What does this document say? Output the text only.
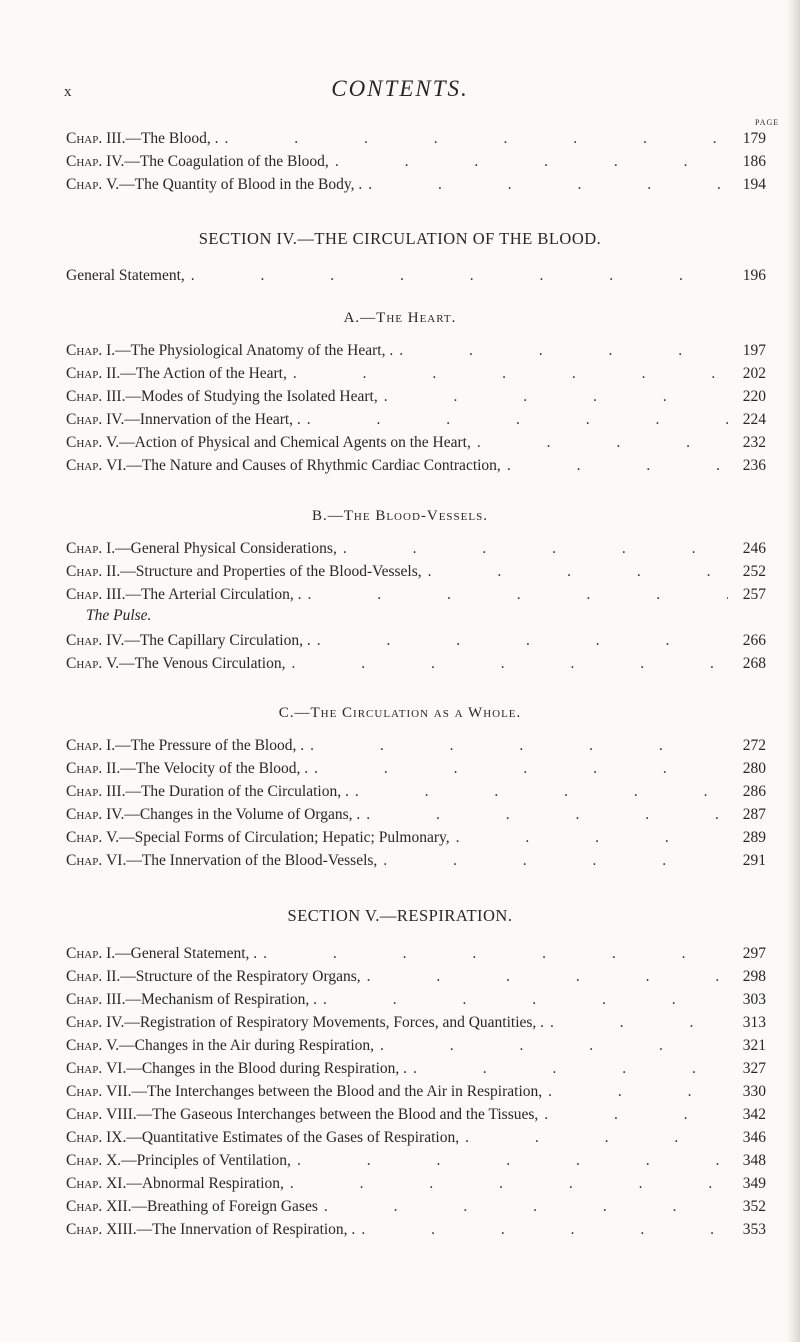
x	CONTENTS.
PAGE
Chap.
III.—The Blood, . .	179
Chap.
IV.—The Coagulation of the Blood, .	186
Chap.
V.—The Quantity of Blood in the Body, . .	194
SECTION IV.—THE CIRCULATION OF THE BLOOD.
General Statement, .	196
A.—The Heart.
Chap.
I.—The Physiological Anatomy of the Heart, . .	197
Chap.
II.—The Action of the Heart, .	202
Chap.
III.—Modes of Studying the Isolated Heart, .	220
Chap.
IV.—Innervation of the Heart, . .	224
Chap.
V.—Action of Physical and Chemical Agents on the Heart, .	232
Chap.
VI.—The Nature and Causes of Rhythmic Cardiac Contraction, .	236
B.—The Blood-Vessels.
Chap.
I.—General Physical Considerations, .	246
Chap.
II.—Structure and Properties of the Blood-Vessels, .	252
Chap.
III.—The Arterial Circulation, . .	257
The Pulse.
Chap.
IV.—The Capillary Circulation, . .	266
Chap.
V.—The Venous Circulation, .	268
C.—The Circulation as a Whole.
Chap.
I.—The Pressure of the Blood, . .	272
Chap.
II.—The Velocity of the Blood, . .	280
Chap.
III.—The Duration of the Circulation, . .	286
Chap.
IV.—Changes in the Volume of Organs, . .	287
Chap.
V.—Special Forms of Circulation; Hepatic; Pulmonary, .	289
Chap.
VI.—The Innervation of the Blood-Vessels, .	291
SECTION V.—RESPIRATION.
Chap.
I.—General Statement, . .	297
Chap.
II.—Structure of the Respiratory Organs, .	298
Chap.
III.—Mechanism of Respiration, . .	303
Chap.
IV.—Registration of Respiratory Movements, Forces, and Quantities, . .	313
Chap.
V.—Changes in the Air during Respiration, .	321
Chap.
VI.—Changes in the Blood during Respiration, . .	327
Chap.
VII.—The Interchanges between the Blood and the Air in Respiration, .	330
Chap.
VIII.—The Gaseous Interchanges between the Blood and the Tissues, .	342
Chap.
IX.—Quantitative Estimates of the Gases of Respiration, .	346
Chap.
X.—Principles of Ventilation, .	348
Chap.
XI.—Abnormal Respiration, .	349
Chap.
XII.—Breathing of Foreign Gases .	352
Chap.
XIII.—The Innervation of Respiration, . .	353
